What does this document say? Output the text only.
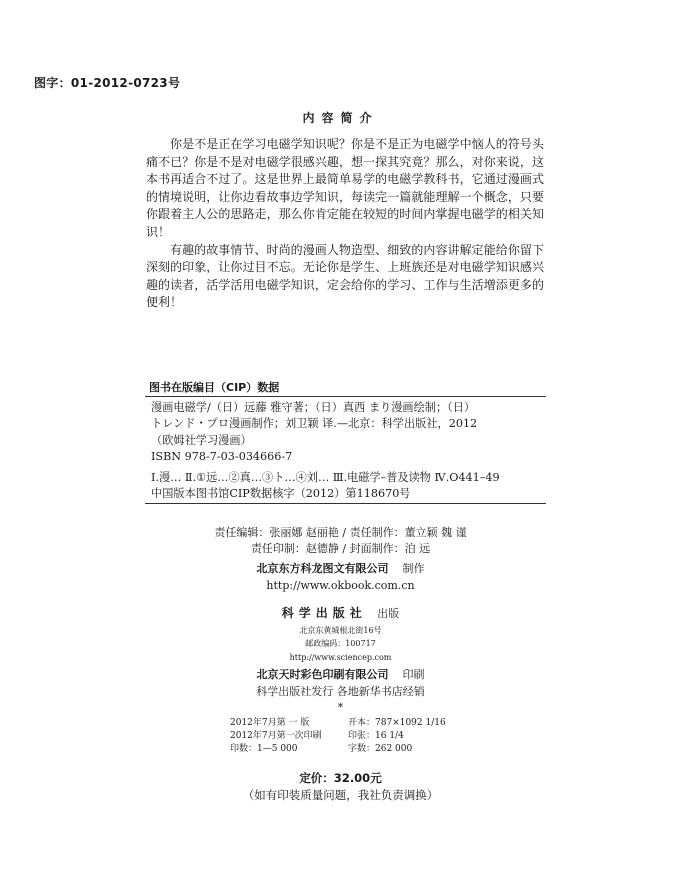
图字：01-2012-0723号
内容简介

你是不是正在学习电磁学知识呢？你是不是正为电磁学中恼人的符号头痛不已？你是不是对电磁学很感兴趣，想一探其究竟？那么，对你来说，这本书再适合不过了。这是世界上最简单易学的电磁学教科书，它通过漫画式的情境说明，让你边看故事边学知识，每读完一篇就能理解一个概念，只要你跟着主人公的思路走，那么你肯定能在较短的时间内掌握电磁学的相关知识！

有趣的故事情节、时尚的漫画人物造型、细致的内容讲解定能给你留下深刻的印象，让你过目不忘。无论你是学生、上班族还是对电磁学知识感兴趣的读者，活学活用电磁学知识，定会给你的学习、工作与生活增添更多的便利！

图书在版编目（CIP）数据
漫画电磁学/（日）远藤 雅守著；（日）真西 まり漫画绘制；（日）
トレンド・プロ漫画制作；刘卫颖 译.—北京：科学出版社，2012
（欧姆社学习漫画）
ISBN 978-7-03-034666-7
Ⅰ.漫… Ⅱ.①远…②真…③ト…④刘… Ⅲ.电磁学–普及读物 Ⅳ.O441–49
中国版本图书馆CIP数据核字（2012）第118670号
责任编辑：张丽娜 赵丽艳 / 责任制作：董立颖 魏 谨
责任印制：赵德静 / 封面制作：泊 远
北京东方科龙图文有限公司 制作
http://www.okbook.com.cn
科学出版社 出版
北京东黄城根北街16号
邮政编码：100717
http://www.sciencep.com
北京天时彩色印刷有限公司 印刷
科学出版社发行 各地新华书店经销
*
2012年7月第 一 版	开本：787×1092 1/16
2012年7月第一次印刷	印张：16 1/4
印数：1—5 000	字数：262 000
定价：32.00元
（如有印装质量问题，我社负责调换）
